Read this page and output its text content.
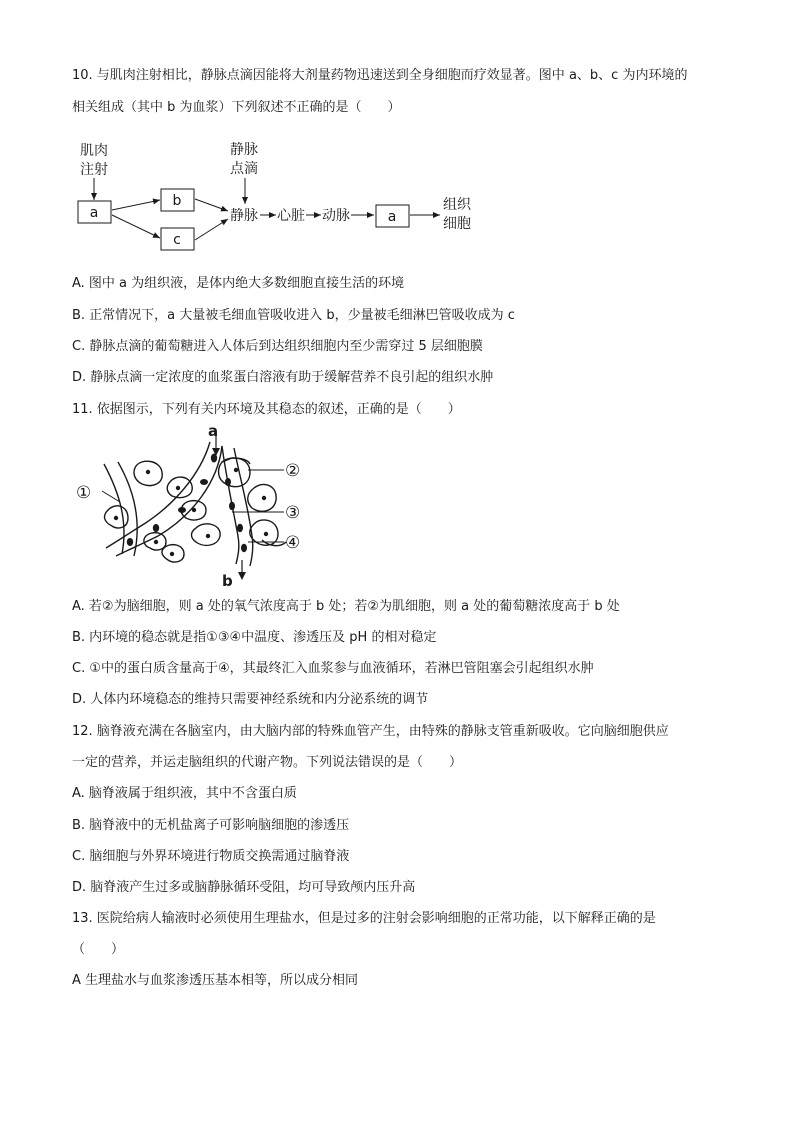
10. 与肌肉注射相比，静脉点滴因能将大剂量药物迅速送到全身细胞而疗效显著。图中 a、b、c 为内环境的
相关组成（其中 b 为血浆）下列叙述不正确的是（　　）
肌肉
注射
a
b
c
静脉
点滴
静脉 心脏 动脉	a
组织
细胞
A. 图中 a 为组织液，是体内绝大多数细胞直接生活的环境
B. 正常情况下，a 大量被毛细血管吸收进入 b，少量被毛细淋巴管吸收成为 c
C. 静脉点滴的葡萄糖进入人体后到达组织细胞内至少需穿过 5 层细胞膜
D. 静脉点滴一定浓度的血浆蛋白溶液有助于缓解营养不良引起的组织水肿
11. 依据图示，下列有关内环境及其稳态的叙述，正确的是（　　）
a
b
①
②
③
④
A. 若②为脑细胞，则 a 处的氧气浓度高于 b 处；若②为肌细胞，则 a 处的葡萄糖浓度高于 b 处
B. 内环境的稳态就是指①③④中温度、渗透压及 pH 的相对稳定
C. ①中的蛋白质含量高于④，其最终汇入血浆参与血液循环，若淋巴管阻塞会引起组织水肿
D. 人体内环境稳态的维持只需要神经系统和内分泌系统的调节
12. 脑脊液充满在各脑室内，由大脑内部的特殊血管产生，由特殊的静脉支管重新吸收。它向脑细胞供应
一定的营养，并运走脑组织的代谢产物。下列说法错误的是（　　）
A. 脑脊液属于组织液，其中不含蛋白质
B. 脑脊液中的无机盐离子可影响脑细胞的渗透压
C. 脑细胞与外界环境进行物质交换需通过脑脊液
D. 脑脊液产生过多或脑静脉循环受阻，均可导致颅内压升高
13. 医院给病人输液时必须使用生理盐水，但是过多的注射会影响细胞的正常功能，以下解释正确的是
（　　）
A 生理盐水与血浆渗透压基本相等，所以成分相同
